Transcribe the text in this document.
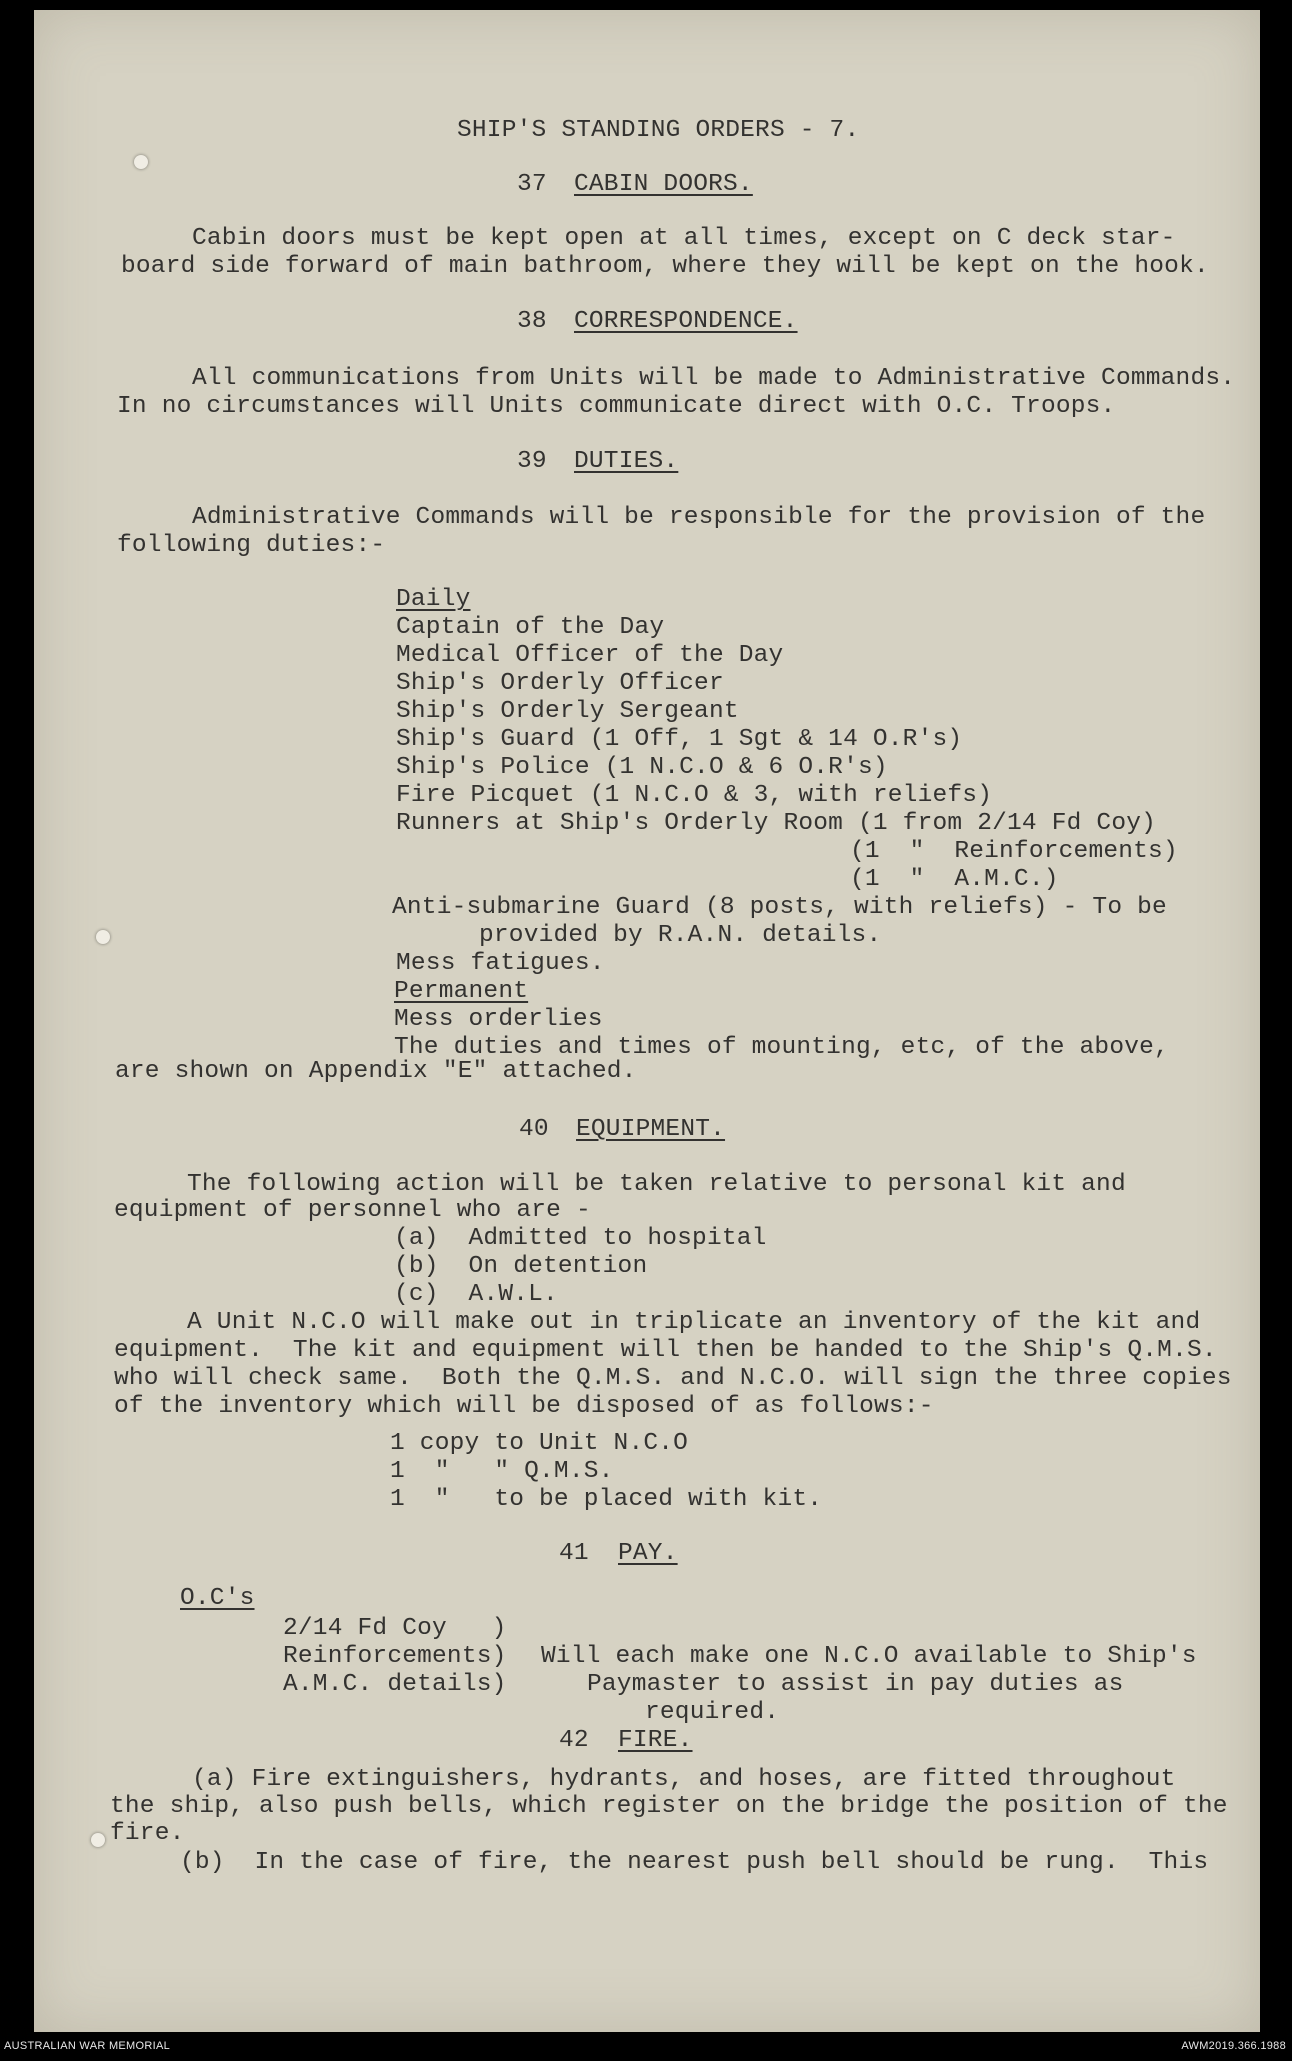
SHIP'S STANDING ORDERS - 7.
37 CABIN DOORS.
Cabin doors must be kept open at all times, except on C deck star-
board side forward of main bathroom, where they will be kept on the hook.
38 CORRESPONDENCE.
All communications from Units will be made to Administrative Commands.
In no circumstances will Units communicate direct with O.C. Troops.
39 DUTIES.
Administrative Commands will be responsible for the provision of the
following duties:-
Daily
Captain of the Day
Medical Officer of the Day
Ship's Orderly Officer
Ship's Orderly Sergeant
Ship's Guard (1 Off, 1 Sgt & 14 O.R's)
Ship's Police (1 N.C.O & 6 O.R's)
Fire Picquet (1 N.C.O & 3, with reliefs)
Runners at Ship's Orderly Room (1 from 2/14 Fd Coy)
(1  "  Reinforcements)
(1  "  A.M.C.)
Anti-submarine Guard (8 posts, with reliefs) - To be
provided by R.A.N. details.
Mess fatigues.
Permanent
Mess orderlies
The duties and times of mounting, etc, of the above,
are shown on Appendix "E" attached.
40 EQUIPMENT.
The following action will be taken relative to personal kit and
equipment of personnel who are -
(a)  Admitted to hospital
(b)  On detention
(c)  A.W.L.
A Unit N.C.O will make out in triplicate an inventory of the kit and
equipment.  The kit and equipment will then be handed to the Ship's Q.M.S.
who will check same.  Both the Q.M.S. and N.C.O. will sign the three copies
of the inventory which will be disposed of as follows:-
1 copy to Unit N.C.O
1  "   " Q.M.S.
1  "   to be placed with kit.
41 PAY.
O.C's
2/14 Fd Coy   )
Reinforcements)
A.M.C. details)
Will each make one N.C.O available to Ship's
Paymaster to assist in pay duties as
required.
42 FIRE.
(a) Fire extinguishers, hydrants, and hoses, are fitted throughout
the ship, also push bells, which register on the bridge the position of the
fire.
(b)  In the case of fire, the nearest push bell should be rung.  This
AUSTRALIAN WAR MEMORIAL	AWM2019.366.1988
